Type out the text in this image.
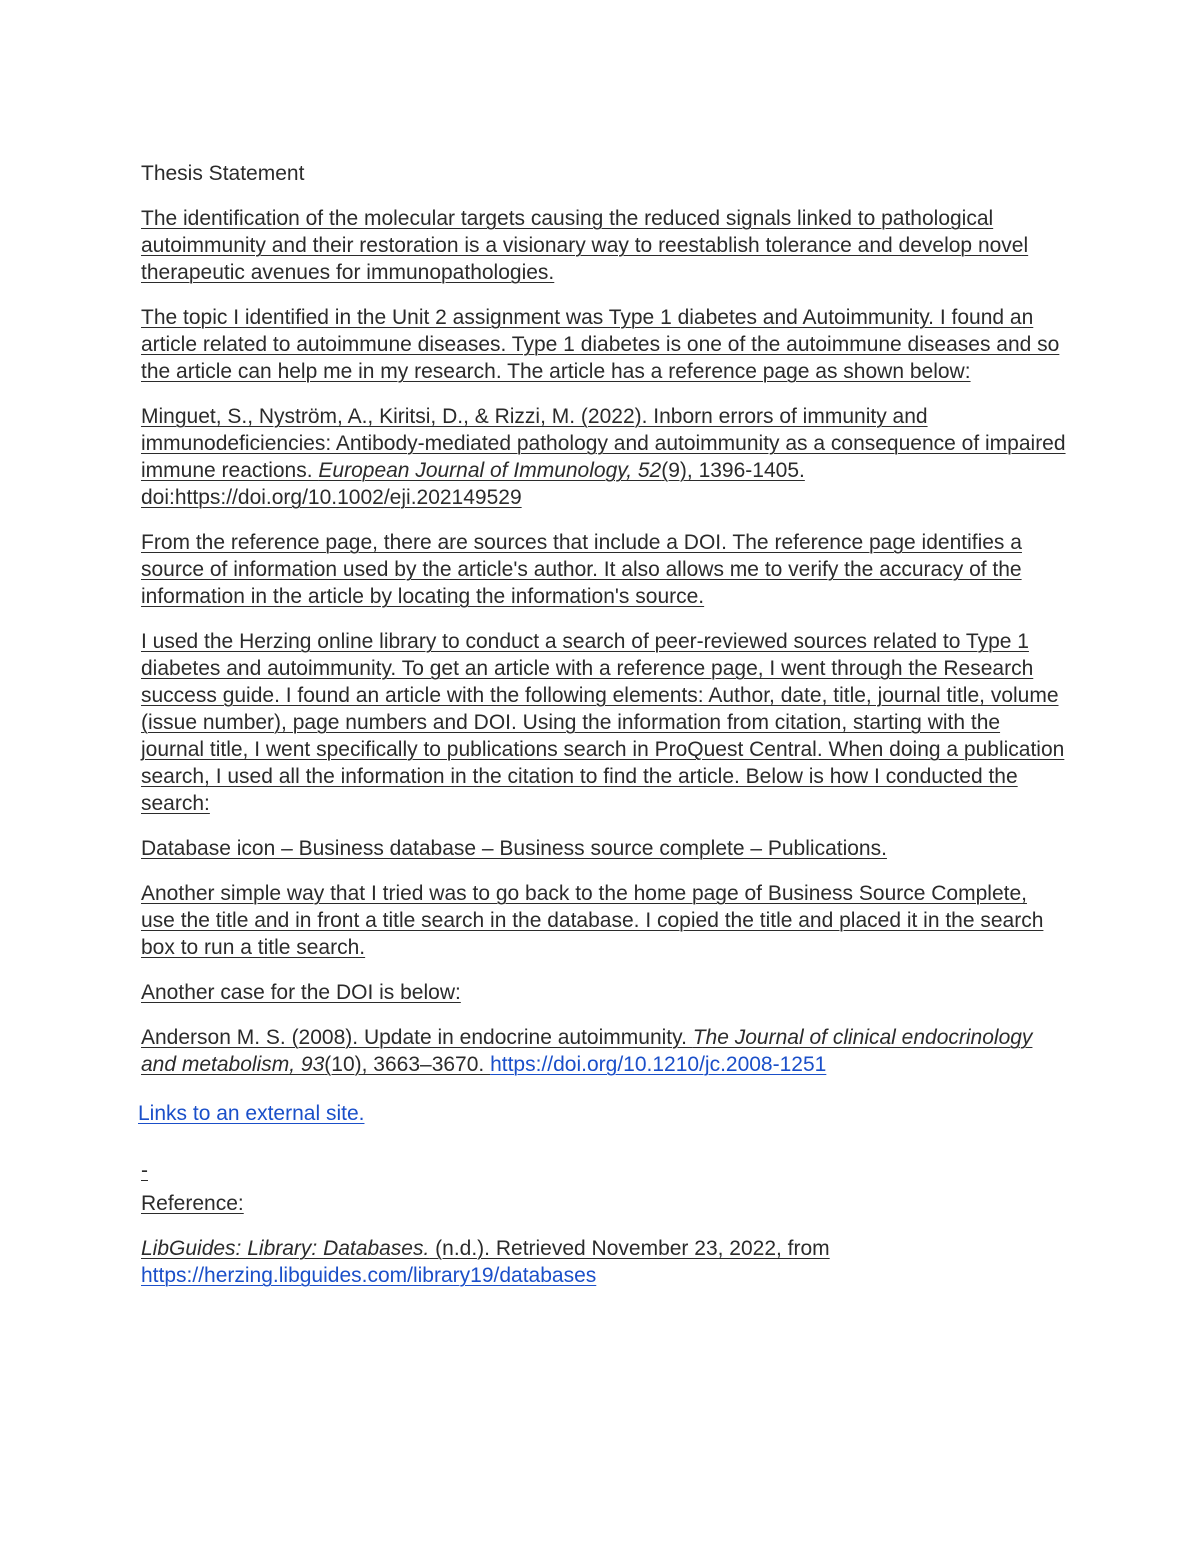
Thesis Statement

The identification of the molecular targets causing the reduced signals linked to pathological autoimmunity and their restoration is a visionary way to reestablish tolerance and develop novel therapeutic avenues for immunopathologies.

The topic I identified in the Unit 2 assignment was Type 1 diabetes and Autoimmunity. I found an article related to autoimmune diseases. Type 1 diabetes is one of the autoimmune diseases and so the article can help me in my research. The article has a reference page as shown below:

Minguet, S., Nyström, A., Kiritsi, D., & Rizzi, M. (2022). Inborn errors of immunity and immunodeficiencies: Antibody-mediated pathology and autoimmunity as a consequence of impaired immune reactions. European Journal of Immunology, 52(9), 1396-1405. doi:https://doi.org/10.1002/eji.202149529

From the reference page, there are sources that include a DOI. The reference page identifies a source of information used by the article's author. It also allows me to verify the accuracy of the information in the article by locating the information's source.

I used the Herzing online library to conduct a search of peer-reviewed sources related to Type 1 diabetes and autoimmunity. To get an article with a reference page, I went through the Research success guide. I found an article with the following elements: Author, date, title, journal title, volume (issue number), page numbers and DOI. Using the information from citation, starting with the journal title, I went specifically to publications search in ProQuest Central. When doing a publication search, I used all the information in the citation to find the article. Below is how I conducted the search:

Database icon – Business database – Business source complete – Publications.

Another simple way that I tried was to go back to the home page of Business Source Complete, use the title and in front a title search in the database. I copied the title and placed it in the search box to run a title search.

Another case for the DOI is below:

Anderson M. S. (2008). Update in endocrine autoimmunity. The Journal of clinical endocrinology and metabolism, 93(10), 3663–3670. https://doi.org/10.1210/jc.2008-1251

Links to an external site.

-

Reference:

LibGuides: Library: Databases. (n.d.). Retrieved November 23, 2022, from https://herzing.libguides.com/library19/databases
